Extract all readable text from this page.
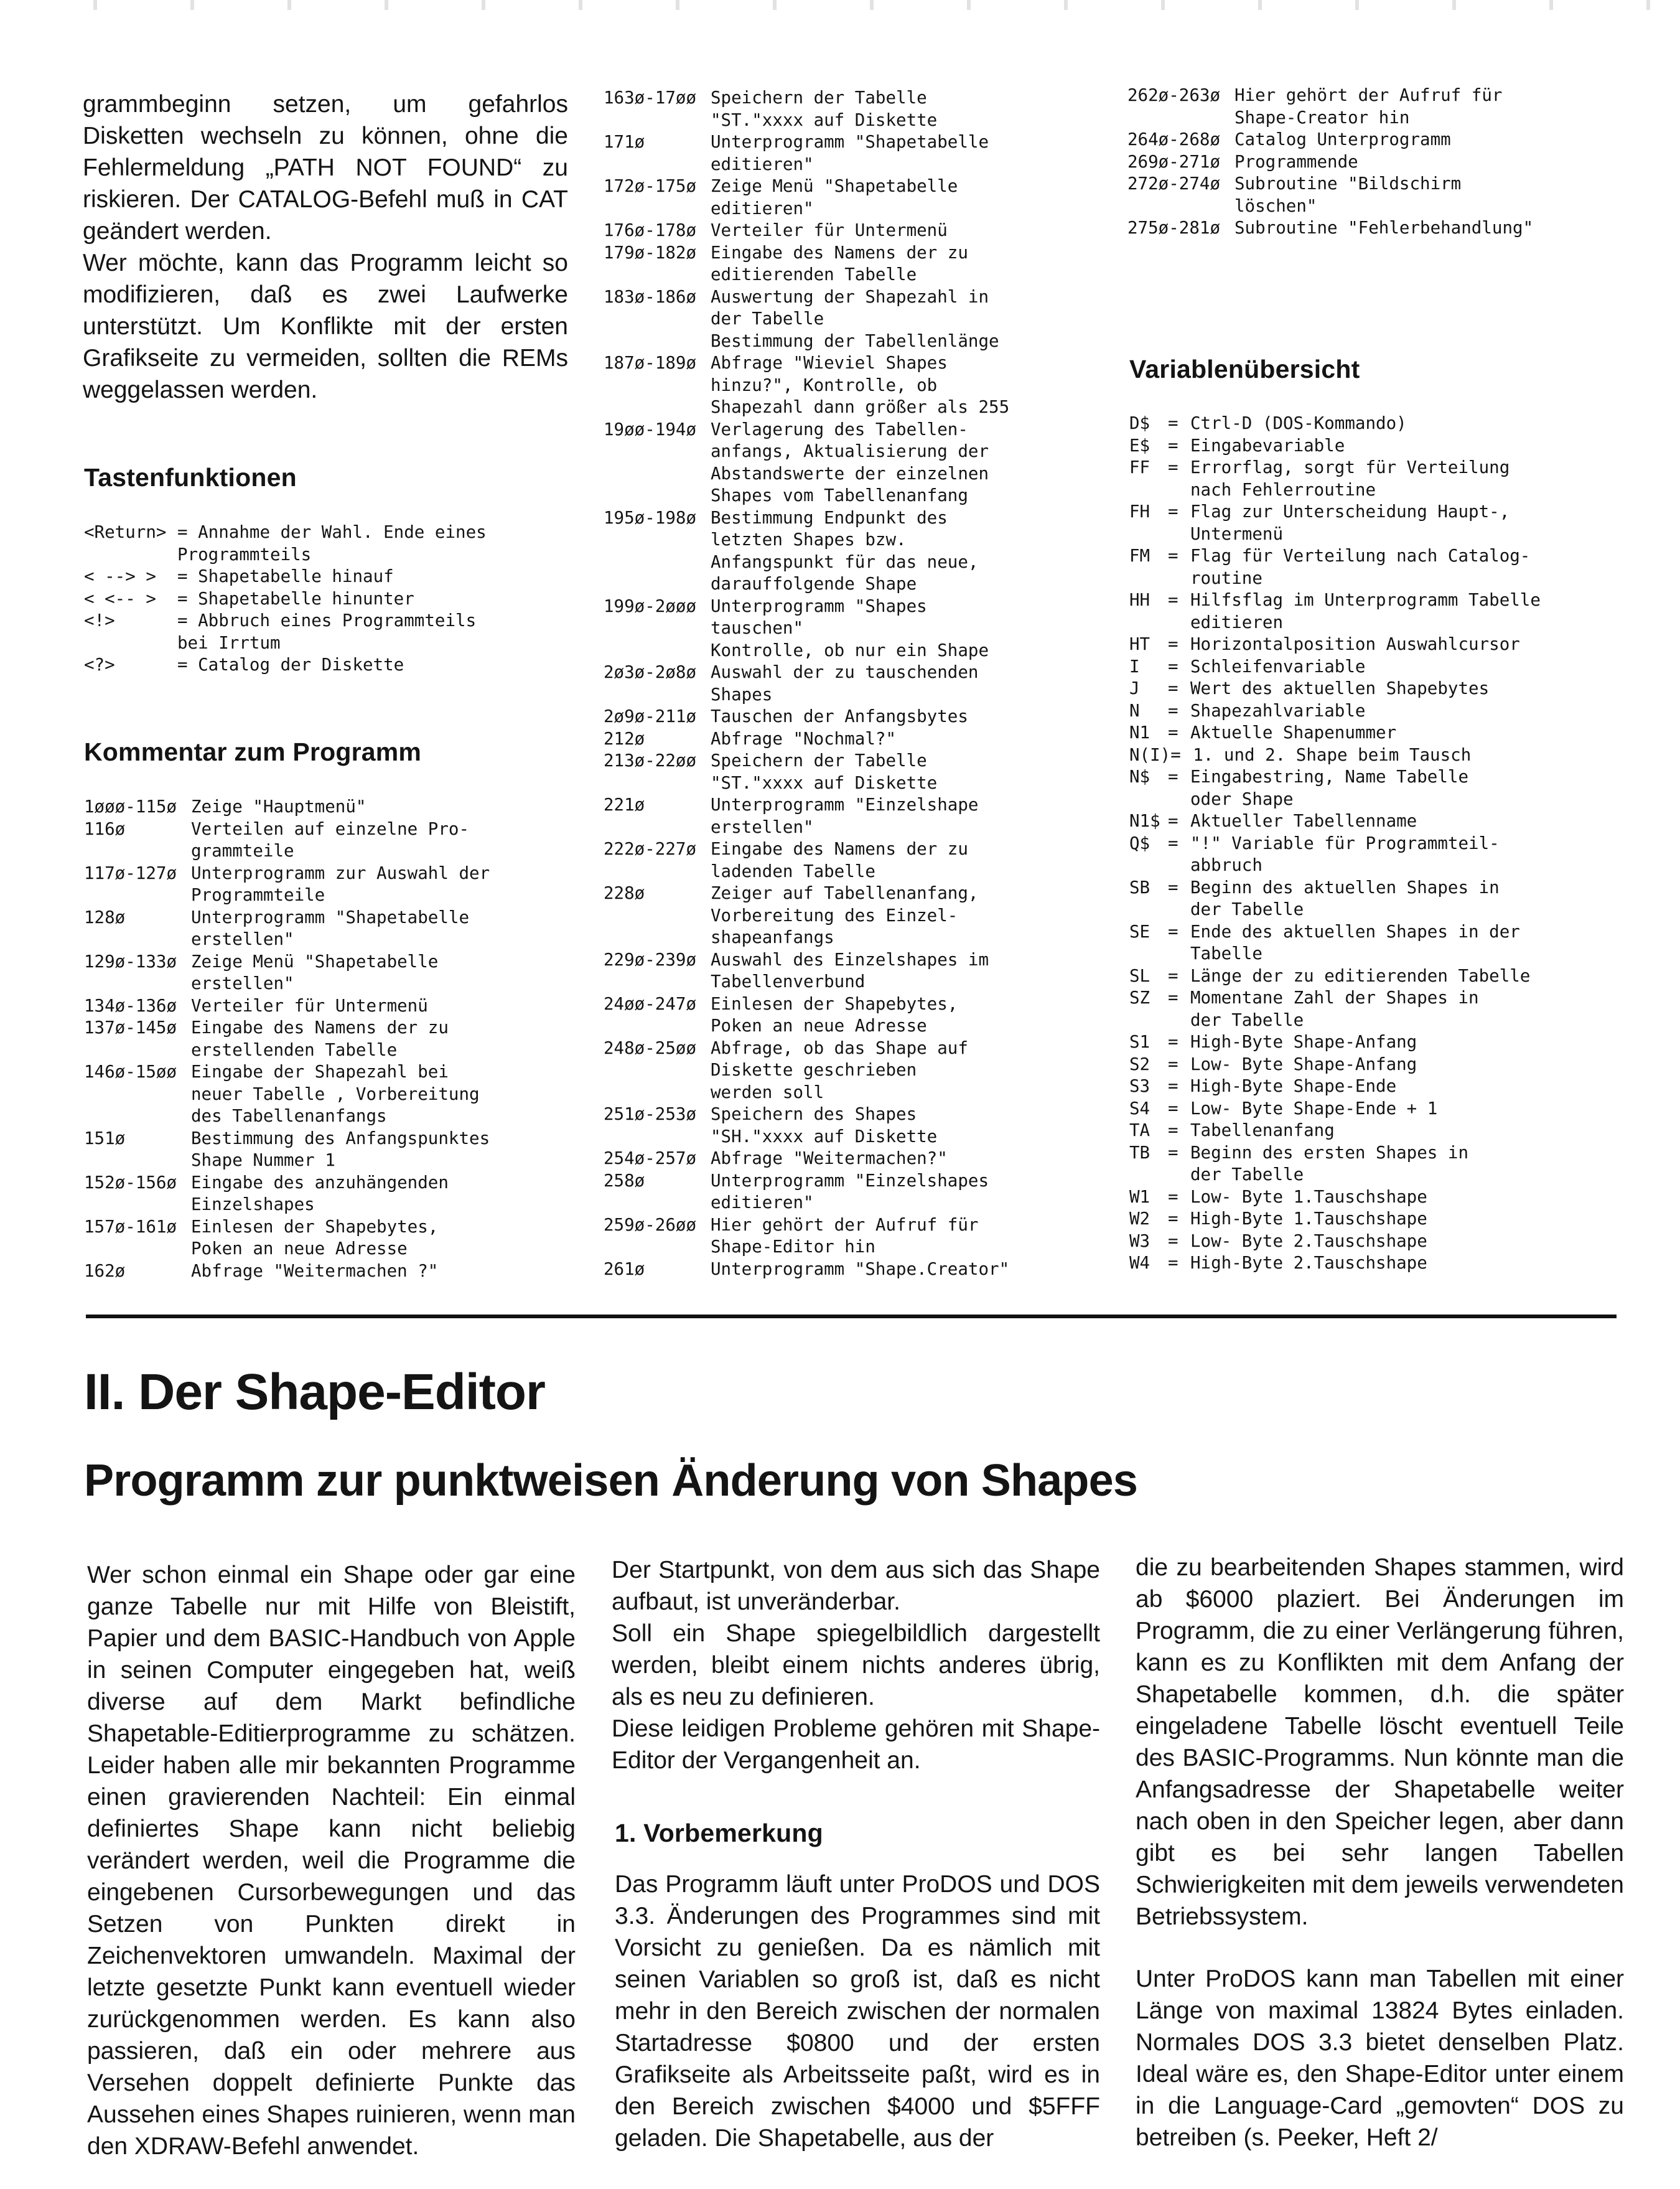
grammbeginn setzen, um gefahrlos Disketten wechseln zu können, ohne die Fehlermeldung „PATH NOT FOUND“ zu riskieren. Der CATALOG-Befehl muß in CAT geändert werden.

Wer möchte, kann das Programm leicht so modifizieren, daß es zwei Laufwerke unterstützt. Um Konflikte mit der ersten Grafikseite zu vermeiden, sollten die REMs weggelassen werden.

Tastenfunktionen
<Return> = Annahme der Wahl. Ende eines
Programmteils
< --> >	= Shapetabelle hinauf
< <-- >	= Shapetabelle hinunter
<!>	= Abbruch eines Programmteils
bei Irrtum
<?>	= Catalog der Diskette
Kommentar zum Programm
1øøø-115ø Zeige "Hauptmenü"
116ø	Verteilen auf einzelne Pro-
grammteile
117ø-127ø Unterprogramm zur Auswahl der
Programmteile
128ø	Unterprogramm "Shapetabelle
erstellen"
129ø-133ø Zeige Menü "Shapetabelle
erstellen"
134ø-136ø Verteiler für Untermenü
137ø-145ø Eingabe des Namens der zu
erstellenden Tabelle
146ø-15øø Eingabe der Shapezahl bei
neuer Tabelle , Vorbereitung
des Tabellenanfangs
151ø	Bestimmung des Anfangspunktes
Shape Nummer 1
152ø-156ø Eingabe des anzuhängenden
Einzelshapes
157ø-161ø Einlesen der Shapebytes,
Poken an neue Adresse
162ø	Abfrage "Weitermachen ?"
163ø-17øø Speichern der Tabelle
"ST."xxxx auf Diskette
171ø	Unterprogramm "Shapetabelle
editieren"
172ø-175ø Zeige Menü "Shapetabelle
editieren"
176ø-178ø Verteiler für Untermenü
179ø-182ø Eingabe des Namens der zu
editierenden Tabelle
183ø-186ø Auswertung der Shapezahl in
der Tabelle
Bestimmung der Tabellenlänge
187ø-189ø Abfrage "Wieviel Shapes
hinzu?", Kontrolle, ob
Shapezahl dann größer als 255
19øø-194ø Verlagerung des Tabellen-
anfangs, Aktualisierung der
Abstandswerte der einzelnen
Shapes vom Tabellenanfang
195ø-198ø Bestimmung Endpunkt des
letzten Shapes bzw.
Anfangspunkt für das neue,
darauffolgende Shape
199ø-2øøø Unterprogramm "Shapes
tauschen"
Kontrolle, ob nur ein Shape
2ø3ø-2ø8ø Auswahl der zu tauschenden
Shapes
2ø9ø-211ø Tauschen der Anfangsbytes
212ø	Abfrage "Nochmal?"
213ø-22øø Speichern der Tabelle
"ST."xxxx auf Diskette
221ø	Unterprogramm "Einzelshape
erstellen"
222ø-227ø Eingabe des Namens der zu
ladenden Tabelle
228ø	Zeiger auf Tabellenanfang,
Vorbereitung des Einzel-
shapeanfangs
229ø-239ø Auswahl des Einzelshapes im
Tabellenverbund
24øø-247ø Einlesen der Shapebytes,
Poken an neue Adresse
248ø-25øø Abfrage, ob das Shape auf
Diskette geschrieben
werden soll
251ø-253ø Speichern des Shapes
"SH."xxxx auf Diskette
254ø-257ø Abfrage "Weitermachen?"
258ø	Unterprogramm "Einzelshapes
editieren"
259ø-26øø Hier gehört der Aufruf für
Shape-Editor hin
261ø	Unterprogramm "Shape.Creator"
262ø-263ø Hier gehört der Aufruf für
Shape-Creator hin
264ø-268ø Catalog Unterprogramm
269ø-271ø Programmende
272ø-274ø Subroutine "Bildschirm
löschen"
275ø-281ø Subroutine "Fehlerbehandlung"
Variablenübersicht
D$	= Ctrl-D (DOS-Kommando)
E$	= Eingabevariable
FF	= Errorflag, sorgt für Verteilung
nach Fehlerroutine
FH	= Flag zur Unterscheidung Haupt-,
Untermenü
FM	= Flag für Verteilung nach Catalog-
routine
HH	= Hilfsflag im Unterprogramm Tabelle
editieren
HT	= Horizontalposition Auswahlcursor
I	= Schleifenvariable
J	= Wert des aktuellen Shapebytes
N	= Shapezahlvariable
N1	= Aktuelle Shapenummer
N(I) = 1. und 2. Shape beim Tausch
N$	= Eingabestring, Name Tabelle
oder Shape
N1$ = Aktueller Tabellenname
Q$	= "!" Variable für Programmteil-
abbruch
SB	= Beginn des aktuellen Shapes in
der Tabelle
SE	= Ende des aktuellen Shapes in der
Tabelle
SL	= Länge der zu editierenden Tabelle
SZ	= Momentane Zahl der Shapes in
der Tabelle
S1	= High-Byte Shape-Anfang
S2	= Low- Byte Shape-Anfang
S3	= High-Byte Shape-Ende
S4	= Low- Byte Shape-Ende + 1
TA	= Tabellenanfang
TB	= Beginn des ersten Shapes in
der Tabelle
W1	= Low- Byte 1.Tauschshape
W2	= High-Byte 1.Tauschshape
W3	= Low- Byte 2.Tauschshape
W4	= High-Byte 2.Tauschshape
II. Der Shape-Editor
Programm zur punktweisen Änderung von Shapes

Wer schon einmal ein Shape oder gar eine ganze Tabelle nur mit Hilfe von Bleistift, Papier und dem BASIC-Handbuch von Apple in seinen Computer eingegeben hat, weiß diverse auf dem Markt befindliche Shapetable-Editierprogramme zu schätzen. Leider haben alle mir bekannten Programme einen gravierenden Nachteil: Ein einmal definiertes Shape kann nicht beliebig verändert werden, weil die Programme die eingebenen Cursorbewegungen und das Setzen von Punkten direkt in Zeichenvektoren umwandeln. Maximal der letzte gesetzte Punkt kann eventuell wieder zurückgenommen werden. Es kann also passieren, daß ein oder mehrere aus Versehen doppelt definierte Punkte das Aussehen eines Shapes ruinieren, wenn man den XDRAW-Befehl anwendet.

Der Startpunkt, von dem aus sich das Shape aufbaut, ist unveränderbar.

Soll ein Shape spiegelbildlich dargestellt werden, bleibt einem nichts anderes übrig, als es neu zu definieren.

Diese leidigen Probleme gehören mit Shape-Editor der Vergangenheit an.

1. Vorbemerkung

Das Programm läuft unter ProDOS und DOS 3.3. Änderungen des Programmes sind mit Vorsicht zu genießen. Da es nämlich mit seinen Variablen so groß ist, daß es nicht mehr in den Bereich zwischen der normalen Startadresse $0800 und der ersten Grafikseite als Arbeitsseite paßt, wird es in den Bereich zwischen $4000 und $5FFF geladen. Die Shapetabelle, aus der

die zu bearbeitenden Shapes stammen, wird ab $6000 plaziert. Bei Änderungen im Programm, die zu einer Verlängerung führen, kann es zu Konflikten mit dem Anfang der Shapetabelle kommen, d.h. die später eingeladene Tabelle löscht eventuell Teile des BASIC-Programms. Nun könnte man die Anfangsadresse der Shapetabelle weiter nach oben in den Speicher legen, aber dann gibt es bei sehr langen Tabellen Schwierigkeiten mit dem jeweils verwendeten Betriebssystem.

Unter ProDOS kann man Tabellen mit einer Länge von maximal 13824 Bytes einladen. Normales DOS 3.3 bietet denselben Platz. Ideal wäre es, den Shape-Editor unter einem in die Language-Card „gemovten“ DOS zu betreiben (s. Peeker, Heft 2/
